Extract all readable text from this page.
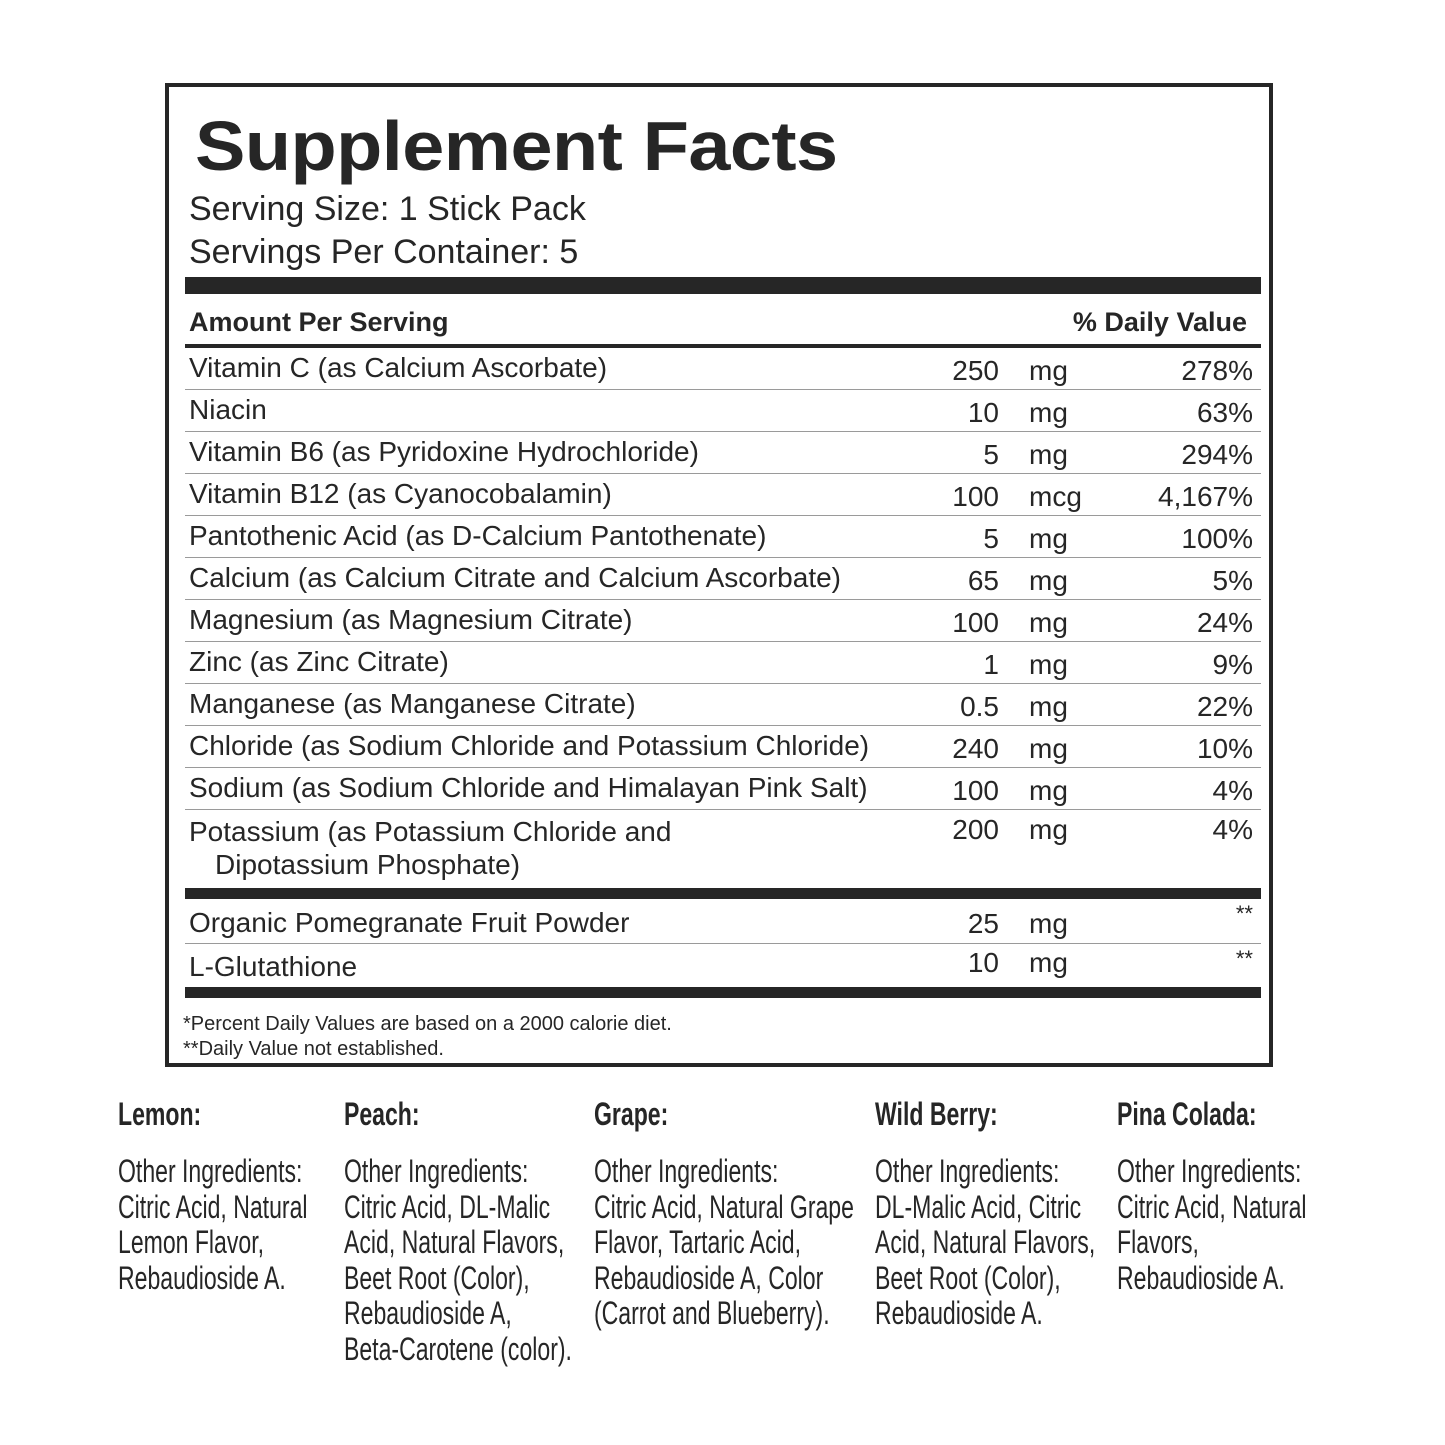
Supplement Facts
Serving Size: 1 Stick Pack
Servings Per Container: 5
Amount Per Serving	% Daily Value
Vitamin C (as Calcium Ascorbate)	250 mg	278%
Niacin	10 mg	63%
Vitamin B6 (as Pyridoxine Hydrochloride)	5 mg	294%
Vitamin B12 (as Cyanocobalamin)	100 mcg	4,167%
Pantothenic Acid (as D-Calcium Pantothenate)	5 mg	100%
Calcium (as Calcium Citrate and Calcium Ascorbate)	65 mg	5%
Magnesium (as Magnesium Citrate)	100 mg	24%
Zinc (as Zinc Citrate)	1 mg	9%
Manganese (as Manganese Citrate)	0.5 mg	22%
Chloride (as Sodium Chloride and Potassium Chloride)	240 mg	10%
Sodium (as Sodium Chloride and Himalayan Pink Salt)	100 mg	4%
Potassium (as Potassium Chloride and
Dipotassium Phosphate)
200 mg	4%
Organic Pomegranate Fruit Powder	25 mg	**
L-Glutathione	10 mg	**
*Percent Daily Values are based on a 2000 calorie diet.
**Daily Value not established.
Lemon:
Other Ingredients:
Citric Acid, Natural
Lemon Flavor,
Rebaudioside A.
Peach:
Other Ingredients:
Citric Acid, DL-Malic
Acid, Natural Flavors,
Beet Root (Color),
Rebaudioside A,
Beta-Carotene (color).
Grape:
Other Ingredients:
Citric Acid, Natural Grape
Flavor, Tartaric Acid,
Rebaudioside A, Color
(Carrot and Blueberry).
Wild Berry:
Other Ingredients:
DL-Malic Acid, Citric
Acid, Natural Flavors,
Beet Root (Color),
Rebaudioside A.
Pina Colada:
Other Ingredients:
Citric Acid, Natural
Flavors,
Rebaudioside A.
